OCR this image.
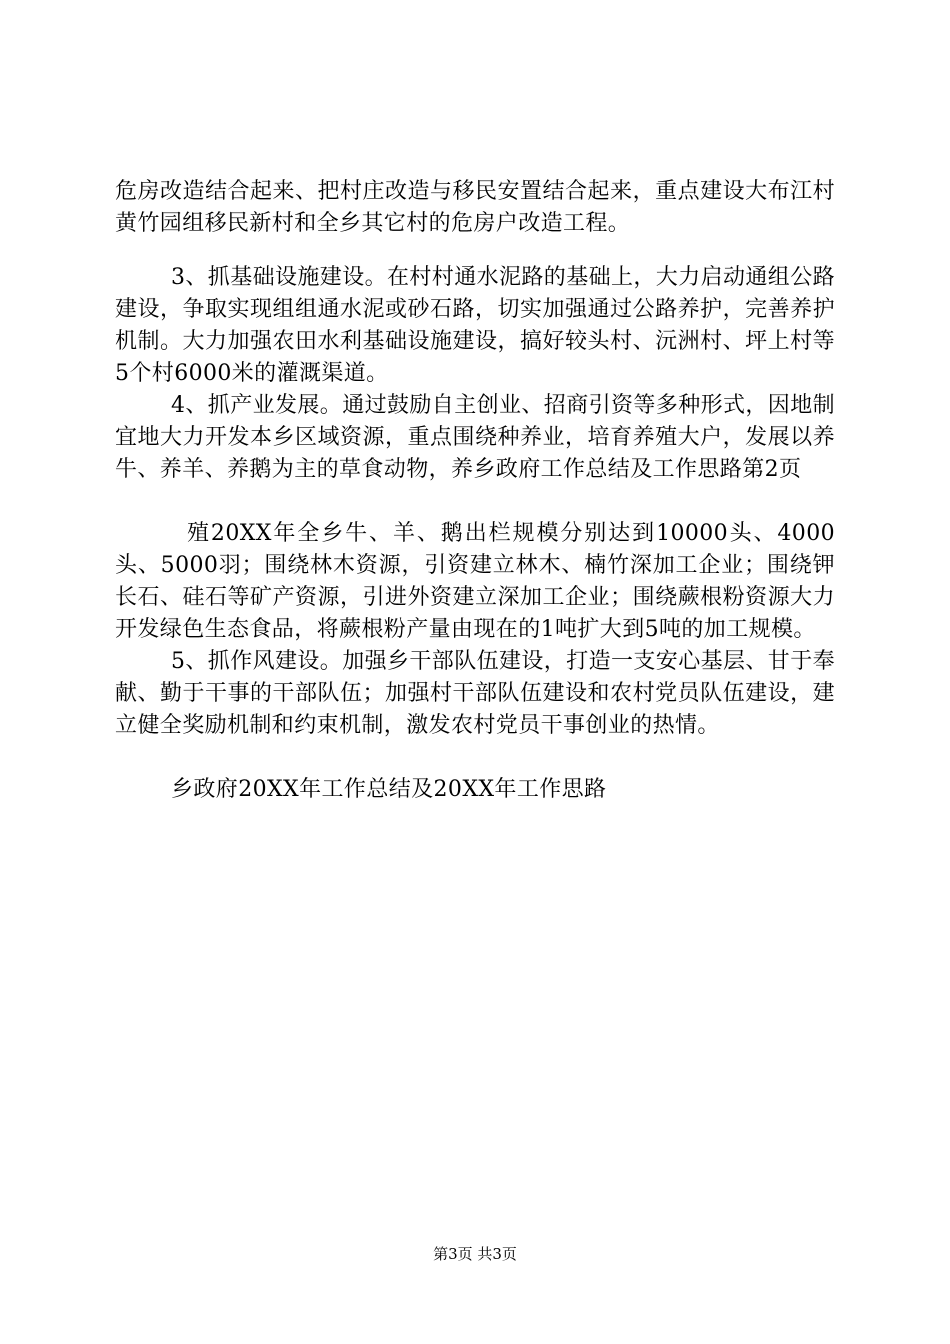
危房改造结合起来、把村庄改造与移民安置结合起来，重点建设大布江村黄竹园组移民新村和全乡其它村的危房户改造工程。

3、抓基础设施建设。在村村通水泥路的基础上，大力启动通组公路建设，争取实现组组通水泥或砂石路，切实加强通过公路养护，完善养护机制。大力加强农田水利基础设施建设，搞好较头村、沅洲村、坪上村等5个村6000米的灌溉渠道。

4、抓产业发展。通过鼓励自主创业、招商引资等多种形式，因地制宜地大力开发本乡区域资源，重点围绕种养业，培育养殖大户，发展以养牛、养羊、养鹅为主的草食动物，养乡政府工作总结及工作思路第2页

殖20XX年全乡牛、羊、鹅出栏规模分别达到10000头、4000头、5000羽；围绕林木资源，引资建立林木、楠竹深加工企业；围绕钾长石、硅石等矿产资源，引进外资建立深加工企业；围绕蕨根粉资源大力开发绿色生态食品，将蕨根粉产量由现在的1吨扩大到5吨的加工规模。

5、抓作风建设。加强乡干部队伍建设，打造一支安心基层、甘于奉献、勤于干事的干部队伍；加强村干部队伍建设和农村党员队伍建设，建立健全奖励机制和约束机制，激发农村党员干事创业的热情。

乡政府20XX年工作总结及20XX年工作思路

第3页 共3页
